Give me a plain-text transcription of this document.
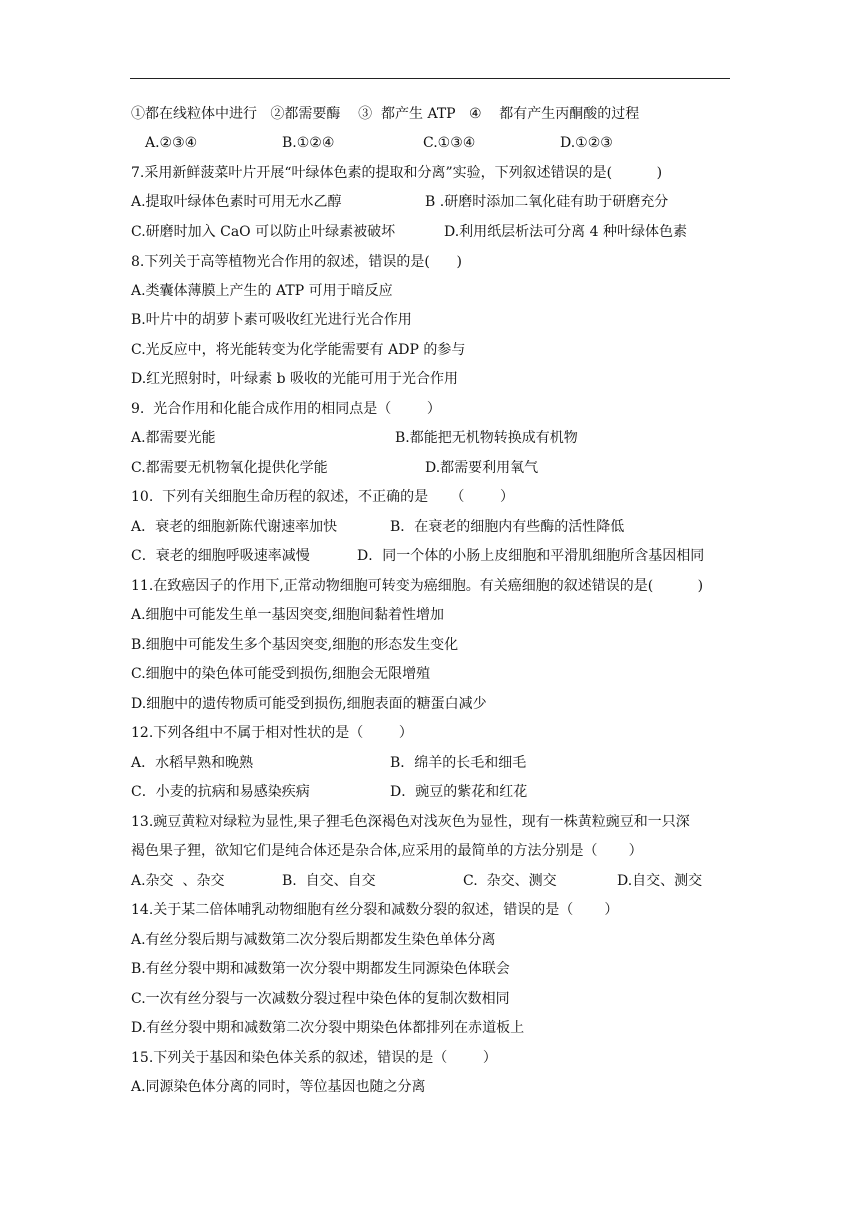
①都在线粒体中进行   ②都需要酶    ③  都产生 ATP   ④    都有产生丙酮酸的过程
A.②③④	B.①②④	C.①③④	D.①②③
7.采用新鲜菠菜叶片开展“叶绿体色素的提取和分离”实验，下列叙述错误的是(          )
A.提取叶绿体色素时可用无水乙醇	B .研磨时添加二氧化硅有助于研磨充分
C.研磨时加入 CaO 可以防止叶绿素被破坏	D.利用纸层析法可分离 4 种叶绿体色素
8.下列关于高等植物光合作用的叙述，错误的是(      )
A.类囊体薄膜上产生的 ATP 可用于暗反应
B.叶片中的胡萝卜素可吸收红光进行光合作用
C.光反应中，将光能转变为化学能需要有 ADP 的参与
D.红光照射时，叶绿素 b 吸收的光能可用于光合作用
9.  光合作用和化能合成作用的相同点是（        ）
A.都需要光能	B.都能把无机物转换成有机物
C.都需要无机物氧化提供化学能	D.都需要利用氧气
10.  下列有关细胞生命历程的叙述，不正确的是     （        ）
A．衰老的细胞新陈代谢速率加快	B．在衰老的细胞内有些酶的活性降低
C．衰老的细胞呼吸速率减慢	D．同一个体的小肠上皮细胞和平滑肌细胞所含基因相同
11.在致癌因子的作用下,正常动物细胞可转变为癌细胞。有关癌细胞的叙述错误的是(          )
A.细胞中可能发生单一基因突变,细胞间黏着性增加
B.细胞中可能发生多个基因突变,细胞的形态发生变化
C.细胞中的染色体可能受到损伤,细胞会无限增殖
D.细胞中的遗传物质可能受到损伤,细胞表面的糖蛋白减少
12.下列各组中不属于相对性状的是（        ）
A．水稻早熟和晚熟	B．绵羊的长毛和细毛
C．小麦的抗病和易感染疾病	D．豌豆的紫花和红花
13.豌豆黄粒对绿粒为显性,果子狸毛色深褐色对浅灰色为显性，现有一株黄粒豌豆和一只深
褐色果子狸，欲知它们是纯合体还是杂合体,应采用的最简单的方法分别是（       ）
A.杂交  、杂交	B.  自交、自交	C.  杂交、测交	D.自交、测交
14.关于某二倍体哺乳动物细胞有丝分裂和减数分裂的叙述，错误的是（       ）
A.有丝分裂后期与减数第二次分裂后期都发生染色单体分离
B.有丝分裂中期和减数第一次分裂中期都发生同源染色体联会
C.一次有丝分裂与一次减数分裂过程中染色体的复制次数相同
D.有丝分裂中期和减数第二次分裂中期染色体都排列在赤道板上
15.下列关于基因和染色体关系的叙述，错误的是（        ）
A.同源染色体分离的同时，等位基因也随之分离
